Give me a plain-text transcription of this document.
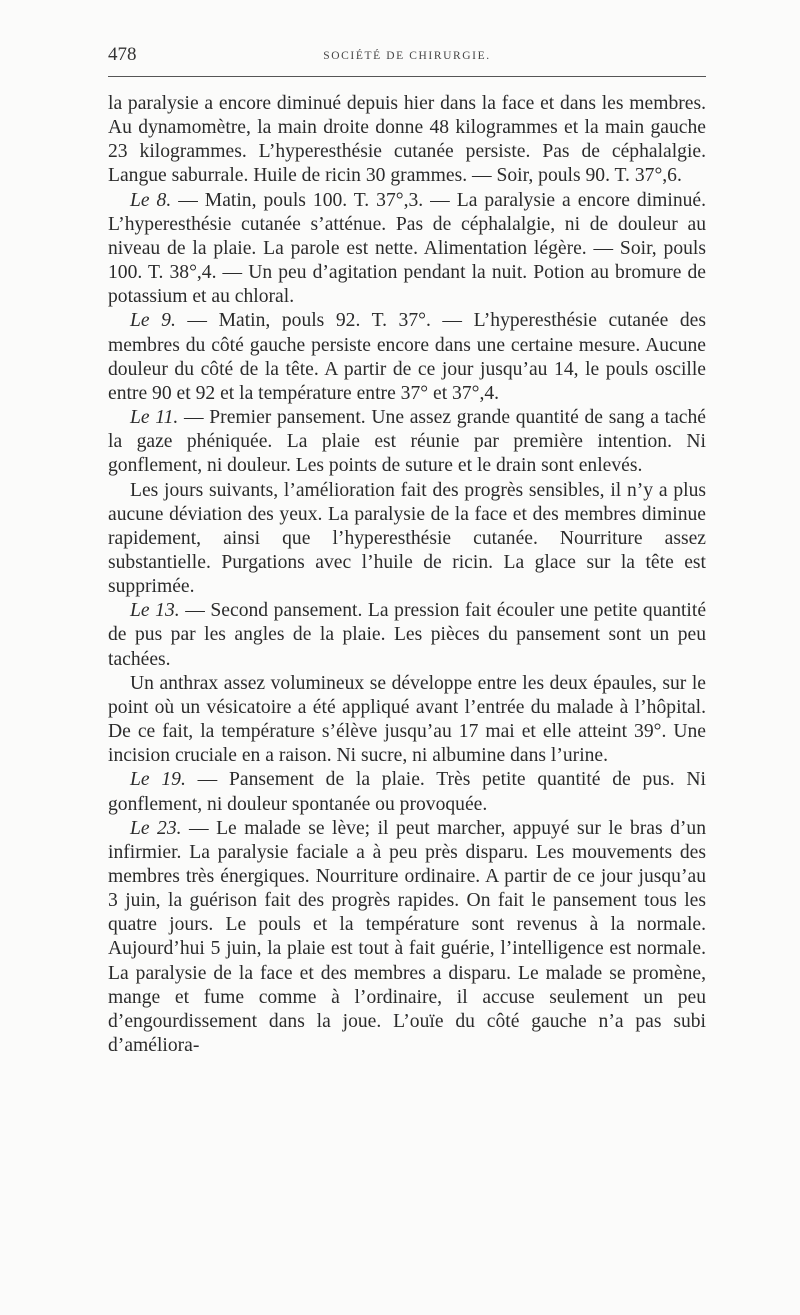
478	SOCIÉTÉ DE CHIRURGIE.

la paralysie a encore diminué depuis hier dans la face et dans les membres. Au dynamomètre, la main droite donne 48 kilogrammes et la main gauche 23 kilogrammes. L’hyperesthésie cutanée persiste. Pas de céphalalgie. Langue saburrale. Huile de ricin 30 grammes. — Soir, pouls 90. T. 37°,6.

Le 8. — Matin, pouls 100. T. 37°,3. — La paralysie a encore diminué. L’hyperesthésie cutanée s’atténue. Pas de céphalalgie, ni de douleur au niveau de la plaie. La parole est nette. Alimentation légère. — Soir, pouls 100. T. 38°,4. — Un peu d’agitation pendant la nuit. Potion au bromure de potassium et au chloral.

Le 9. — Matin, pouls 92. T. 37°. — L’hyperesthésie cutanée des membres du côté gauche persiste encore dans une certaine mesure. Aucune douleur du côté de la tête. A partir de ce jour jusqu’au 14, le pouls oscille entre 90 et 92 et la température entre 37° et 37°,4.

Le 11. — Premier pansement. Une assez grande quantité de sang a taché la gaze phéniquée. La plaie est réunie par première intention. Ni gonflement, ni douleur. Les points de suture et le drain sont enlevés.

Les jours suivants, l’amélioration fait des progrès sensibles, il n’y a plus aucune déviation des yeux. La paralysie de la face et des membres diminue rapidement, ainsi que l’hyperesthésie cutanée. Nourriture assez substantielle. Purgations avec l’huile de ricin. La glace sur la tête est supprimée.

Le 13. — Second pansement. La pression fait écouler une petite quantité de pus par les angles de la plaie. Les pièces du pansement sont un peu tachées.

Un anthrax assez volumineux se développe entre les deux épaules, sur le point où un vésicatoire a été appliqué avant l’entrée du malade à l’hôpital. De ce fait, la température s’élève jusqu’au 17 mai et elle atteint 39°. Une incision cruciale en a raison. Ni sucre, ni albumine dans l’urine.

Le 19. — Pansement de la plaie. Très petite quantité de pus. Ni gonflement, ni douleur spontanée ou provoquée.

Le 23. — Le malade se lève; il peut marcher, appuyé sur le bras d’un infirmier. La paralysie faciale a à peu près disparu. Les mouvements des membres très énergiques. Nourriture ordinaire. A partir de ce jour jusqu’au 3 juin, la guérison fait des progrès rapides. On fait le pansement tous les quatre jours. Le pouls et la température sont revenus à la normale. Aujourd’hui 5 juin, la plaie est tout à fait guérie, l’intelligence est normale. La paralysie de la face et des membres a disparu. Le malade se promène, mange et fume comme à l’ordinaire, il accuse seulement un peu d’engourdissement dans la joue. L’ouïe du côté gauche n’a pas subi d’améliora-
